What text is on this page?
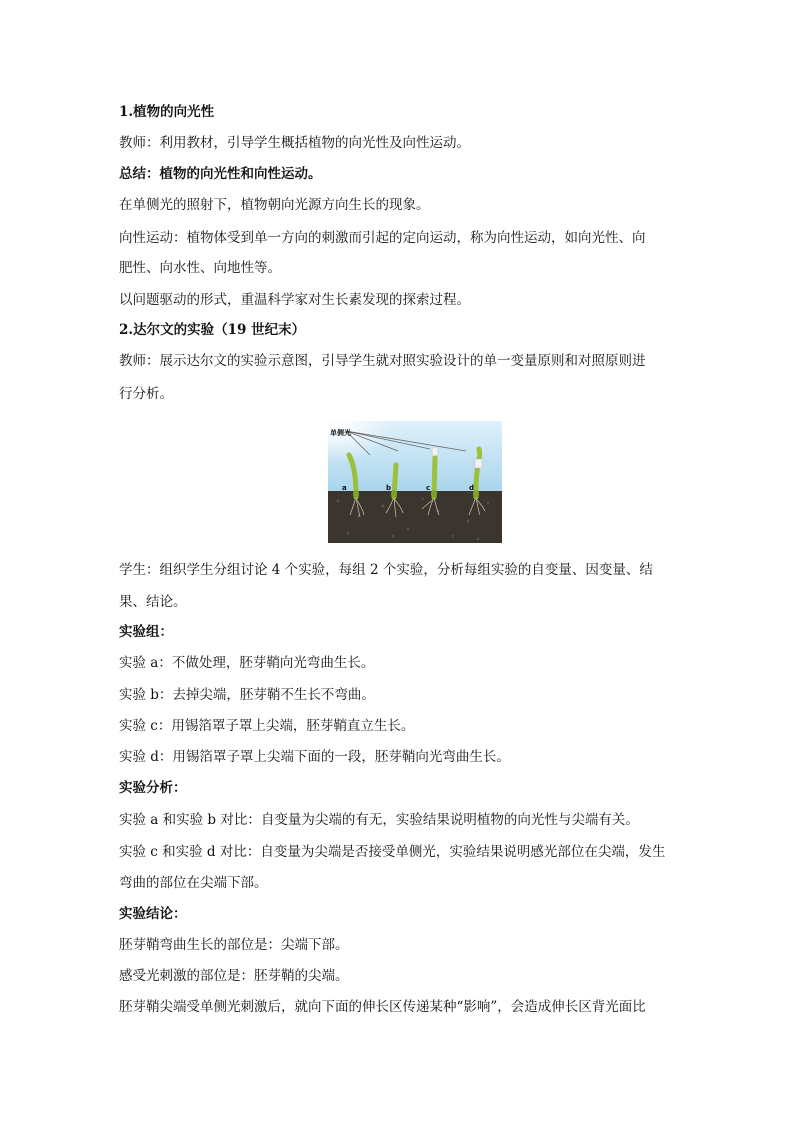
1.植物的向光性
教师：利用教材，引导学生概括植物的向光性及向性运动。
总结：植物的向光性和向性运动。
在单侧光的照射下，植物朝向光源方向生长的现象。
向性运动：植物体受到单一方向的刺激而引起的定向运动，称为向性运动，如向光性、向
肥性、向水性、向地性等。
以问题驱动的形式，重温科学家对生长素发现的探索过程。
2.达尔文的实验（19 世纪末）
教师：展示达尔文的实验示意图，引导学生就对照实验设计的单一变量原则和对照原则进
行分析。
单侧光
a	b	c	d
学生：组织学生分组讨论 4 个实验，每组 2 个实验，分析每组实验的自变量、因变量、结
果、结论。
实验组：
实验 a：不做处理，胚芽鞘向光弯曲生长。
实验 b：去掉尖端，胚芽鞘不生长不弯曲。
实验 c：用锡箔罩子罩上尖端，胚芽鞘直立生长。
实验 d：用锡箔罩子罩上尖端下面的一段，胚芽鞘向光弯曲生长。
实验分析：
实验 a 和实验 b 对比：自变量为尖端的有无，实验结果说明植物的向光性与尖端有关。
实验 c 和实验 d 对比：自变量为尖端是否接受单侧光，实验结果说明感光部位在尖端，发生
弯曲的部位在尖端下部。
实验结论：
胚芽鞘弯曲生长的部位是：尖端下部。
感受光刺激的部位是：胚芽鞘的尖端。
胚芽鞘尖端受单侧光刺激后，就向下面的伸长区传递某种“影响”，会造成伸长区背光面比
